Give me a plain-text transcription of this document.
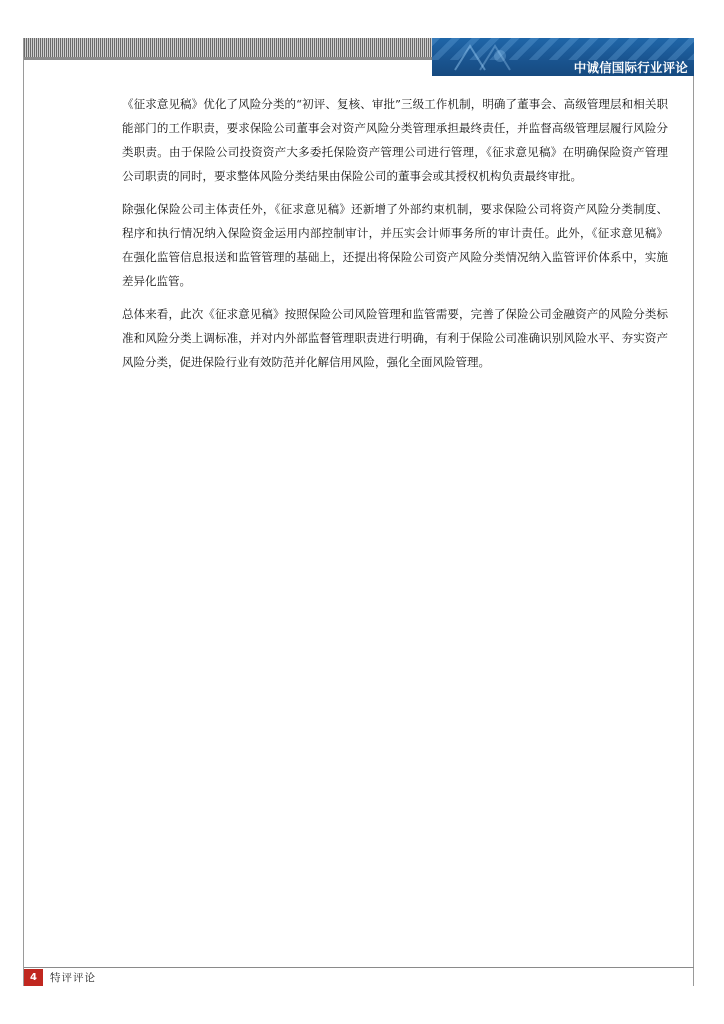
中诚信国际行业评论

《征求意见稿》优化了风险分类的“初评、复核、审批”三级工作机制，明确了董事会、高级管理层和相关职能部门的工作职责，要求保险公司董事会对资产风险分类管理承担最终责任，并监督高级管理层履行风险分类职责。由于保险公司投资资产大多委托保险资产管理公司进行管理，《征求意见稿》在明确保险资产管理公司职责的同时，要求整体风险分类结果由保险公司的董事会或其授权机构负责最终审批。

除强化保险公司主体责任外，《征求意见稿》还新增了外部约束机制，要求保险公司将资产风险分类制度、程序和执行情况纳入保险资金运用内部控制审计，并压实会计师事务所的审计责任。此外，《征求意见稿》在强化监管信息报送和监管管理的基础上，还提出将保险公司资产风险分类情况纳入监管评价体系中，实施差异化监管。

总体来看，此次《征求意见稿》按照保险公司风险管理和监管需要，完善了保险公司金融资产的风险分类标准和风险分类上调标准，并对内外部监督管理职责进行明确，有利于保险公司准确识别风险水平、夯实资产风险分类，促进保险行业有效防范并化解信用风险，强化全面风险管理。

4	特评评论
